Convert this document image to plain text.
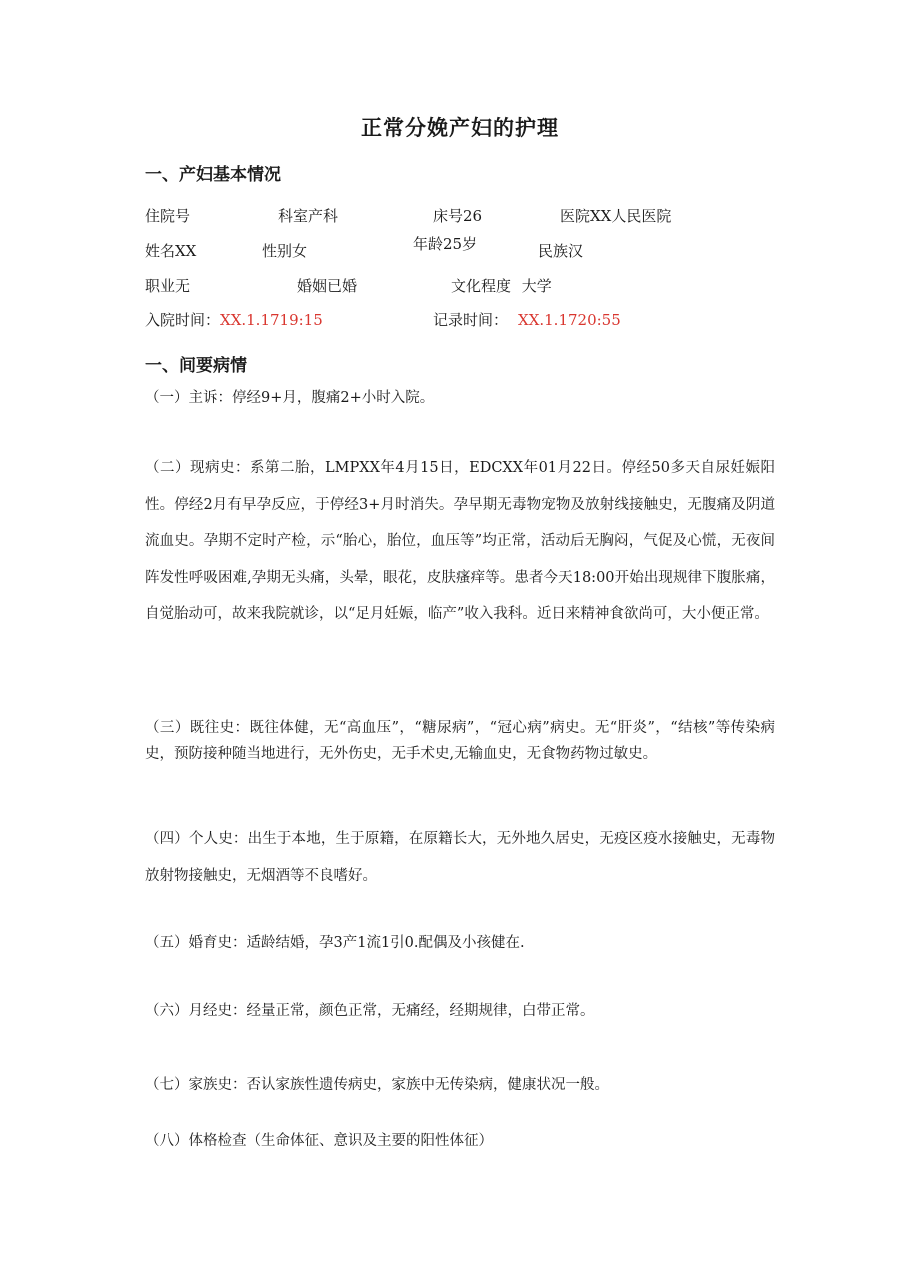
正常分娩产妇的护理
一、产妇基本情况
住院号	科室产科	床号26	医院XX人民医院
姓名XX	性别女	年龄25岁	民族汉
职业无	婚姻已婚	文化程度 大学
入院时间：XX.1.1719:15	记录时间： XX.1.1720:55
一、间要病情
（一）主诉：停经9+月，腹痛2+小时入院。
（二）现病史：系第二胎，LMPXX年4月15日，EDCXX年01月22日。停经50多天自尿妊娠阳性。停经2月有早孕反应，于停经3+月时消失。孕早期无毒物宠物及放射线接触史，无腹痛及阴道流血史。孕期不定时产检，示“胎心，胎位，血压等”均正常，活动后无胸闷，气促及心慌，无夜间阵发性呼吸困难,孕期无头痛，头晕，眼花，皮肤瘙痒等。患者今天18:00开始出现规律下腹胀痛，自觉胎动可，故来我院就诊，以“足月妊娠，临产”收入我科。近日来精神食欲尚可，大小便正常。
（三）既往史：既往体健，无“高血压”，“糖尿病”，“冠心病”病史。无“肝炎”，“结核”等传染病史，预防接种随当地进行，无外伤史，无手术史,无输血史，无食物药物过敏史。
（四）个人史：出生于本地，生于原籍，在原籍长大，无外地久居史，无疫区疫水接触史，无毒物放射物接触史，无烟酒等不良嗜好。
（五）婚育史：适龄结婚，孕3产1流1引0.配偶及小孩健在.
（六）月经史：经量正常，颜色正常，无痛经，经期规律，白带正常。
（七）家族史：否认家族性遗传病史，家族中无传染病，健康状况一般。
（八）体格检查（生命体征、意识及主要的阳性体征）
